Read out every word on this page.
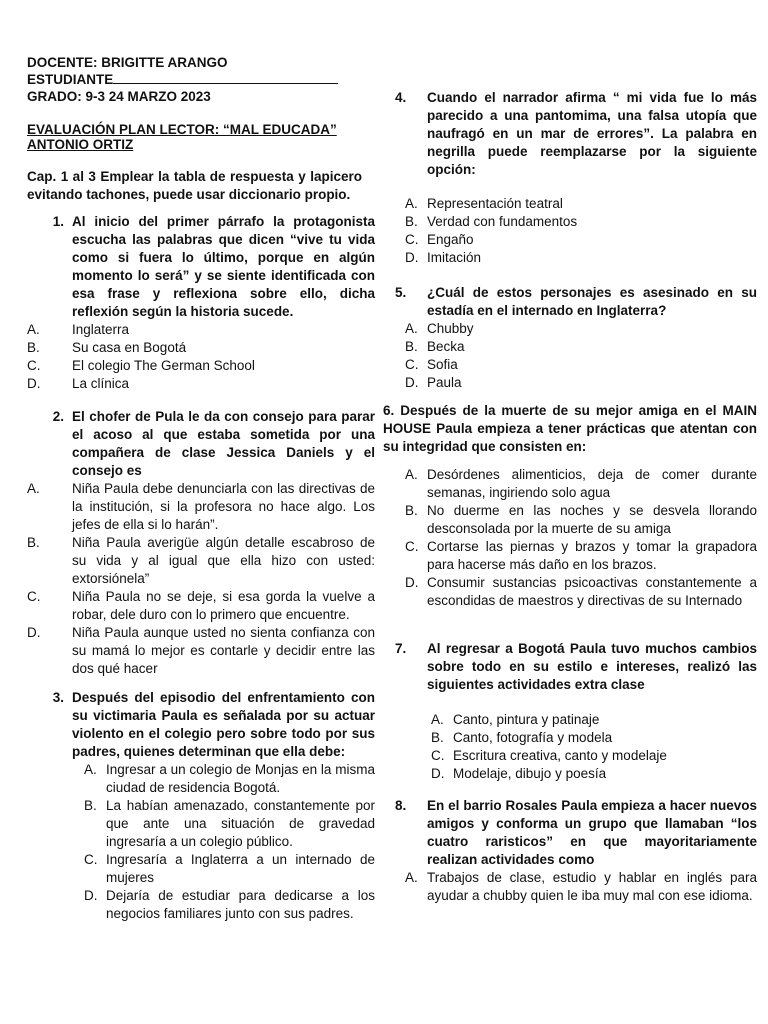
DOCENTE: BRIGITTE ARANGO
ESTUDIANTE
GRADO: 9-3 24 MARZO 2023
EVALUACIÓN PLAN LECTOR: “MAL EDUCADA”
ANTONIO ORTIZ
Cap. 1 al 3 Emplear la tabla de respuesta y lapicero evitando tachones, puede usar diccionario propio.
1. Al inicio del primer párrafo la protagonista escucha las palabras que dicen “vive tu vida como si fuera lo último, porque en algún momento lo será” y se siente identificada con esa frase y reflexiona sobre ello, dicha reflexión según la historia sucede.
A.	Inglaterra
B.	Su casa en Bogotá
C.	El colegio The German School
D.	La clínica
2. El chofer de Pula le da con consejo para parar el acoso al que estaba sometida por una compañera de clase Jessica Daniels y el consejo es
A.	Niña Paula debe denunciarla con las directivas de la institución, si la profesora no hace algo. Los jefes de ella si lo harán”.
B.	Niña Paula averigüe algún detalle escabroso de su vida y al igual que ella hizo con usted: extorsiónela”
C.	Niña Paula no se deje, si esa gorda la vuelve a robar, dele duro con lo primero que encuentre.
D.	Niña Paula aunque usted no sienta confianza con su mamá lo mejor es contarle y decidir entre las dos qué hacer
3. Después del episodio del enfrentamiento con su victimaria Paula es señalada por su actuar violento en el colegio pero sobre todo por sus padres, quienes determinan que ella debe:
A. Ingresar a un colegio de Monjas en la misma ciudad de residencia Bogotá.
B. La habían amenazado, constantemente por que ante una situación de gravedad ingresaría a un colegio público.
C. Ingresaría a Inglaterra a un internado de mujeres
D. Dejaría de estudiar para dedicarse a los negocios familiares junto con sus padres.
4.	Cuando el narrador afirma “ mi vida fue lo más parecido a una pantomima, una falsa utopía que naufragó en un mar de errores”. La palabra en negrilla puede reemplazarse por la siguiente opción:
A. Representación teatral
B. Verdad con fundamentos
C. Engaño
D. Imitación
5.	¿Cuál de estos personajes es asesinado en su estadía en el internado en Inglaterra?
A. Chubby
B. Becka
C. Sofia
D. Paula
6. Después de la muerte de su mejor amiga en el MAIN HOUSE Paula empieza a tener prácticas que atentan con su integridad que consisten en:
A. Desórdenes alimenticios, deja de comer durante semanas, ingiriendo solo agua
B. No duerme en las noches y se desvela llorando desconsolada por la muerte de su amiga
C. Cortarse las piernas y brazos y tomar la grapadora para hacerse más daño en los brazos.
D. Consumir sustancias psicoactivas constantemente a escondidas de maestros y directivas de su Internado
7.	Al regresar a Bogotá Paula tuvo muchos cambios sobre todo en su estilo e intereses, realizó las siguientes actividades extra clase
A. Canto, pintura y patinaje
B. Canto, fotografía y modela
C. Escritura creativa, canto y modelaje
D. Modelaje, dibujo y poesía
8.	En el barrio Rosales Paula empieza a hacer nuevos amigos y conforma un grupo que llamaban “los cuatro raristicos” en que mayoritariamente realizan actividades como
A. Trabajos de clase, estudio y hablar en inglés para ayudar a chubby quien le iba muy mal con ese idioma.
